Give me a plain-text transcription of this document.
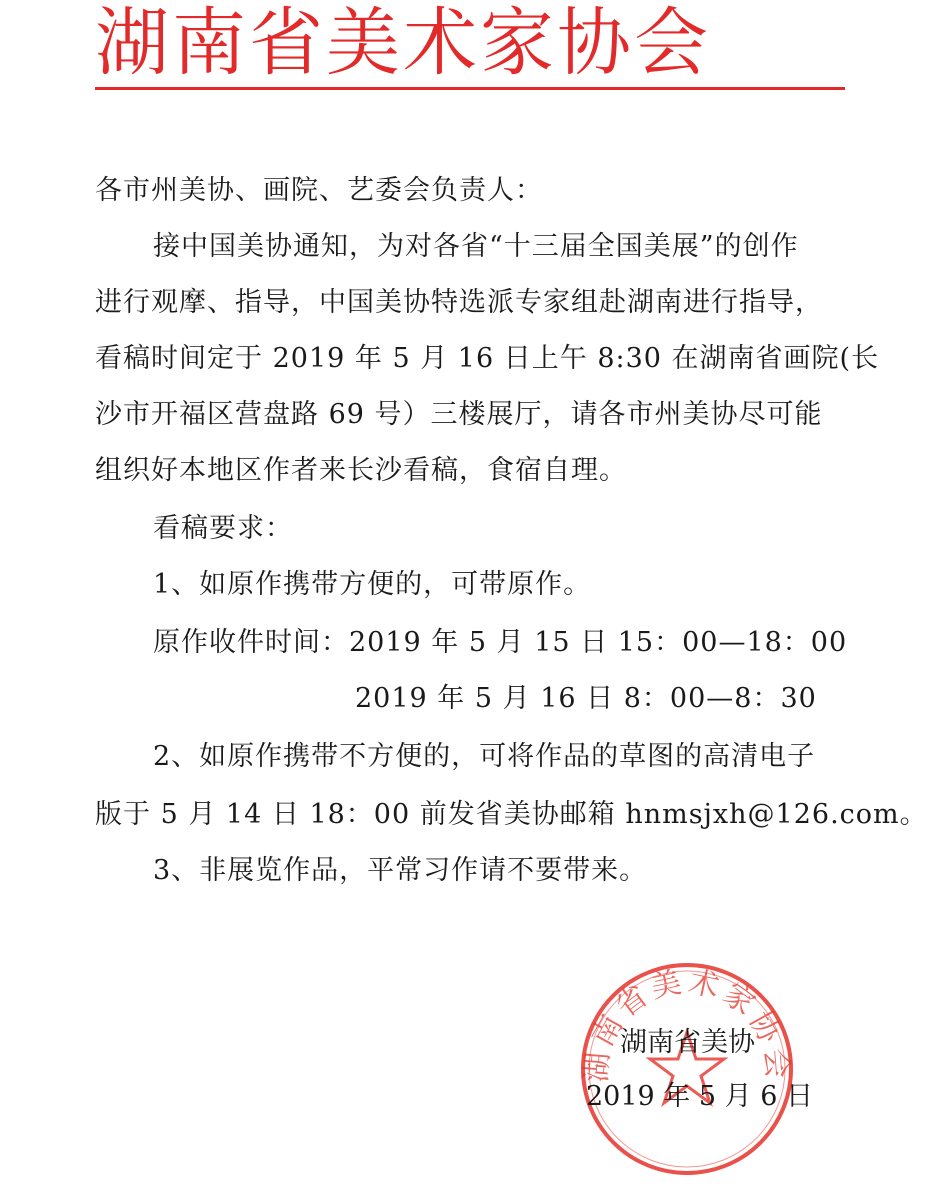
湖南省美术家协会
各市州美协、画院、艺委会负责人：
接中国美协通知，为对各省“十三届全国美展”的创作
进行观摩、指导，中国美协特选派专家组赴湖南进行指导，
看稿时间定于 2019 年 5 月 16 日上午 8:30 在湖南省画院(长
沙市开福区营盘路 69 号）三楼展厅，请各市州美协尽可能
组织好本地区作者来长沙看稿，食宿自理。
看稿要求：
1、如原作携带方便的，可带原作。
原作收件时间：2019 年 5 月 15 日 15：00—18：00
2019 年 5 月 16 日 8：00—8：30
2、如原作携带不方便的，可将作品的草图的高清电子
版于 5 月 14 日 18：00 前发省美协邮箱 hnmsjxh@126.com。
3、非展览作品，平常习作请不要带来。
湖南省美术家协会
湖南省美协
2019 年 5 月 6 日
